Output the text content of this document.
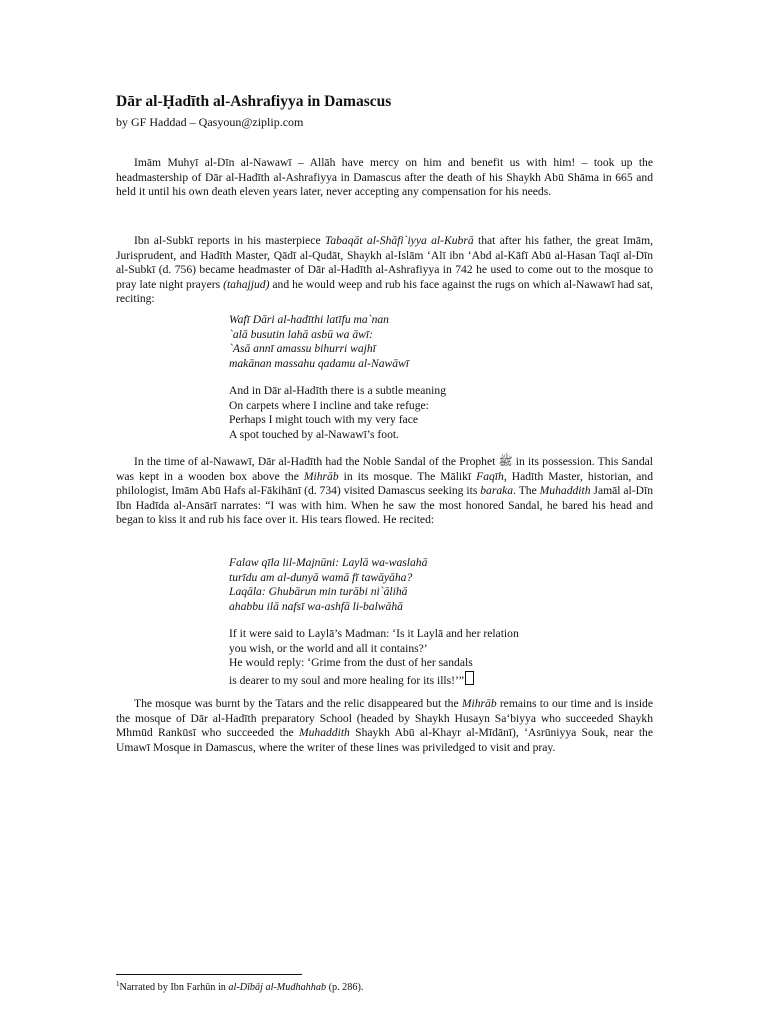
Dār al-Ḥadīth al-Ashrafiyya in Damascus
by GF Haddad – Qasyoun@ziplip.com

Imām Muhyī al-Dīn al-Nawawī – Allāh have mercy on him and benefit us with him! – took up the headmastership of Dār al-Hadīth al-Ashrafiyya in Damascus after the death of his Shaykh Abū Shāma in 665 and held it until his own death eleven years later, never accepting any compensation for his needs.

Ibn al-Subkī reports in his masterpiece Tabaqāt al-Shāfi`iyya al-Kubrā that after his father, the great Imām, Jurisprudent, and Hadīth Master, Qādī al-Qudāt, Shaykh al-Islām ‘Alī ibn ‘Abd al-Kāfī Abū al-Hasan Taqī al-Dīn al-Subkī (d. 756) became headmaster of Dār al-Hadīth al-Ashrafiyya in 742 he used to come out to the mosque to pray late night prayers (tahajjud) and he would weep and rub his face against the rugs on which al-Nawawī had sat, reciting:

Wafī Dāri al-hadīthi latīfu ma`nan
`alā busutin lahā asbū wa āwī:
`Asā annī amassu bihurri wajhī
makānan massahu qadamu al-Nawāwī
And in Dār al-Hadīth there is a subtle meaning
On carpets where I incline and take refuge:
Perhaps I might touch with my very face
A spot touched by al-Nawawī’s foot.

In the time of al-Nawawī, Dār al-Hadīth had the Noble Sandal of the Prophet ﷺ in its possession. This Sandal was kept in a wooden box above the Mihrāb in its mosque. The Mālikī Faqīh, Hadīth Master, historian, and philologist, Imām Abū Hafs al-Fākihānī (d. 734) visited Damascus seeking its baraka. The Muhaddith Jamāl al-Dīn Ibn Hadīda al-Ansārī narrates: “I was with him. When he saw the most honored Sandal, he bared his head and began to kiss it and rub his face over it. His tears flowed. He recited:

Falaw qīla lil-Majnūni: Laylā wa-waslahā
turīdu am al-dunyā wamā fī tawāyāha?
Laqāla: Ghubārun min turābi ni`ālihā
ahabbu ilā nafsī wa-ashfā li-balwāhā
If it were said to Laylā’s Madman: ‘Is it Laylā and her relation
you wish, or the world and all it contains?’
He would reply: ‘Grime from the dust of her sandals
is dearer to my soul and more healing for its ills!’”

The mosque was burnt by the Tatars and the relic disappeared but the Mihrāb remains to our time and is inside the mosque of Dār al-Hadīth preparatory School (headed by Shaykh Husayn Sa‘biyya who succeeded Shaykh Mhmūd Rankūsī who succeeded the Muhaddith Shaykh Abū al-Khayr al-Mīdānī), ‘Asrūniyya Souk, near the Umawī Mosque in Damascus, where the writer of these lines was priviledged to visit and pray.

$^1$Narrated by Ibn Farhūn in al-Dībāj al-Mudhahhab (p. 286).
